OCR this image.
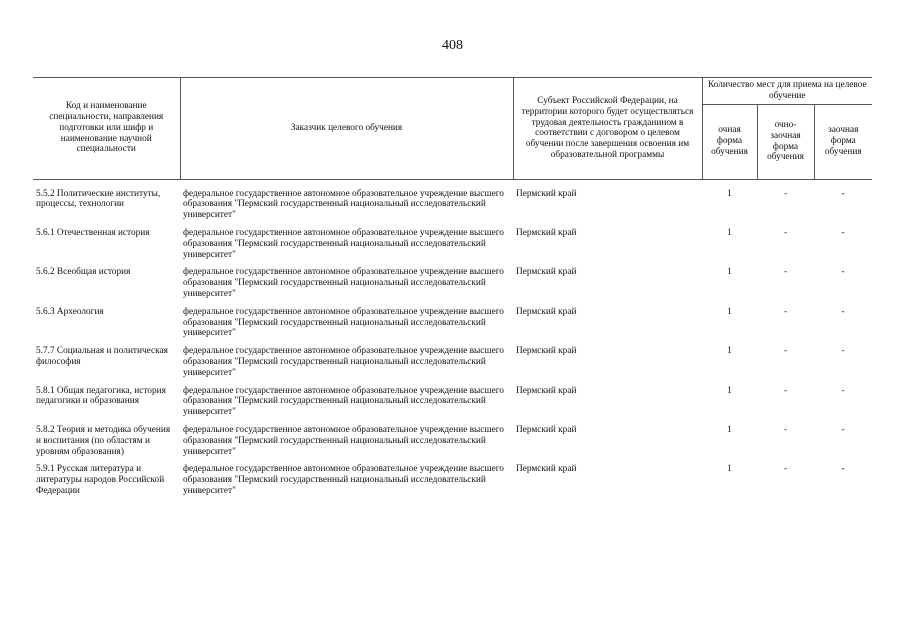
408
Код и наименование специальности, направления подготовки или шифр и наименование научной специальности	Заказчик целевого обучения	Субъект Российской Федерации, на территории которого будет осуществляться трудовая деятельность гражданином в соответствии с договором о целевом обучении после завершения освоения им образовательной программы	Количество мест для приема на целевое обучение		
			очная форма обучения	очно-заочная форма обучения	заочная форма обучения

5.5.2 Политические институты, процессы, технологии	федеральное государственное автономное образовательное учреждение высшего образования "Пермский государственный национальный исследовательский университет"	Пермский край	1	-	-
5.6.1 Отечественная история	федеральное государственное автономное образовательное учреждение высшего образования "Пермский государственный национальный исследовательский университет"	Пермский край	1	-	-
5.6.2 Всеобщая история	федеральное государственное автономное образовательное учреждение высшего образования "Пермский государственный национальный исследовательский университет"	Пермский край	1	-	-
5.6.3 Археология	федеральное государственное автономное образовательное учреждение высшего образования "Пермский государственный национальный исследовательский университет"	Пермский край	1	-	-
5.7.7 Социальная и политическая философия	федеральное государственное автономное образовательное учреждение высшего образования "Пермский государственный национальный исследовательский университет"	Пермский край	1	-	-
5.8.1 Общая педагогика, история педагогики и образования	федеральное государственное автономное образовательное учреждение высшего образования "Пермский государственный национальный исследовательский университет"	Пермский край	1	-	-
5.8.2 Теория и методика обучения и воспитания (по областям и уровням образования)	федеральное государственное автономное образовательное учреждение высшего образования "Пермский государственный национальный исследовательский университет"	Пермский край	1	-	-
5.9.1 Русская литература и литературы народов Российской Федерации	федеральное государственное автономное образовательное учреждение высшего образования "Пермский государственный национальный исследовательский университет"	Пермский край	1	-	-
